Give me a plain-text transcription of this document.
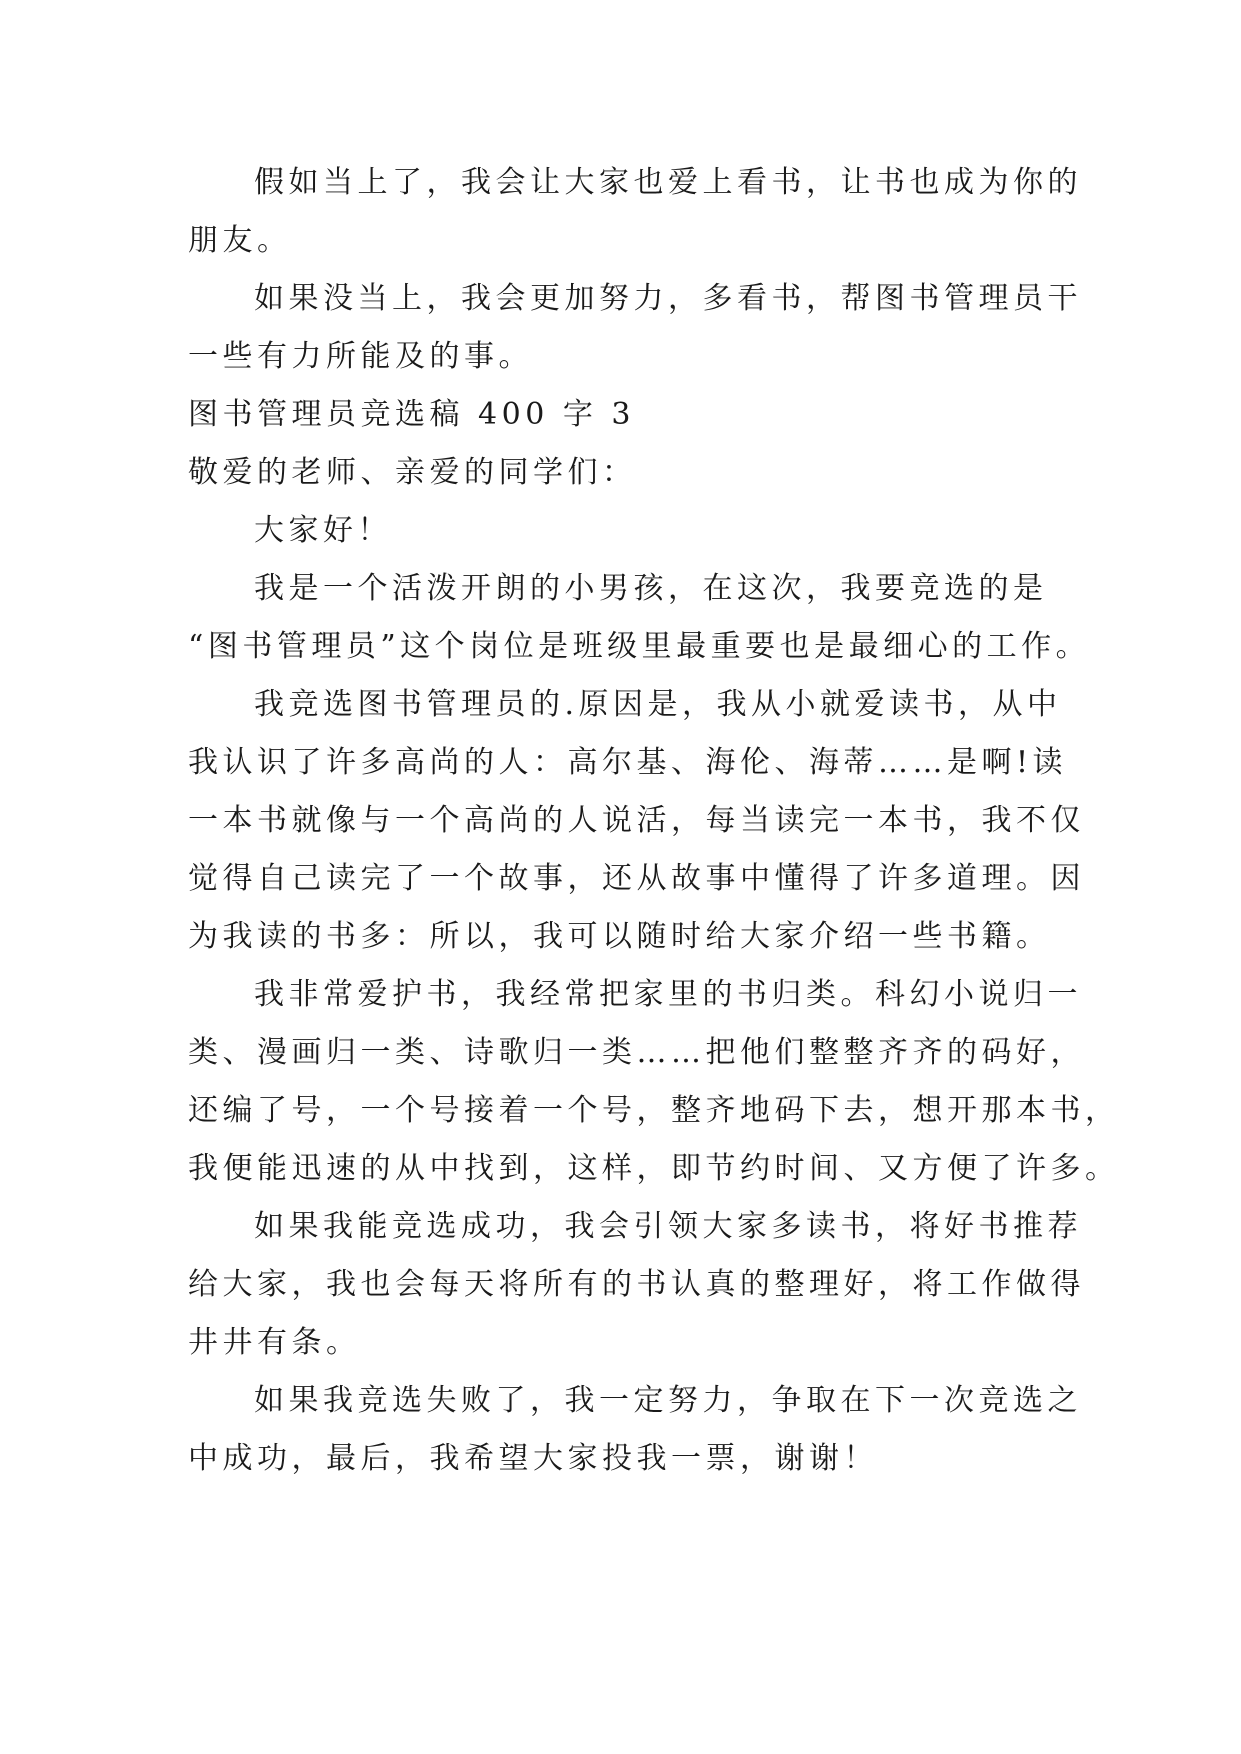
假如当上了，我会让大家也爱上看书，让书也成为你的
朋友。
如果没当上，我会更加努力，多看书，帮图书管理员干
一些有力所能及的事。
图书管理员竞选稿 400 字 3
敬爱的老师、亲爱的同学们：
大家好！
我是一个活泼开朗的小男孩，在这次，我要竞选的是
“图书管理员”这个岗位是班级里最重要也是最细心的工作。
我竞选图书管理员的.原因是，我从小就爱读书，从中
我认识了许多高尚的人：高尔基、海伦、海蒂……是啊!读
一本书就像与一个高尚的人说活，每当读完一本书，我不仅
觉得自己读完了一个故事，还从故事中懂得了许多道理。因
为我读的书多：所以，我可以随时给大家介绍一些书籍。
我非常爱护书，我经常把家里的书归类。科幻小说归一
类、漫画归一类、诗歌归一类……把他们整整齐齐的码好，
还编了号，一个号接着一个号，整齐地码下去，想开那本书，
我便能迅速的从中找到，这样，即节约时间、又方便了许多。
如果我能竞选成功，我会引领大家多读书，将好书推荐
给大家，我也会每天将所有的书认真的整理好，将工作做得
井井有条。
如果我竞选失败了，我一定努力，争取在下一次竞选之
中成功，最后，我希望大家投我一票，谢谢！
